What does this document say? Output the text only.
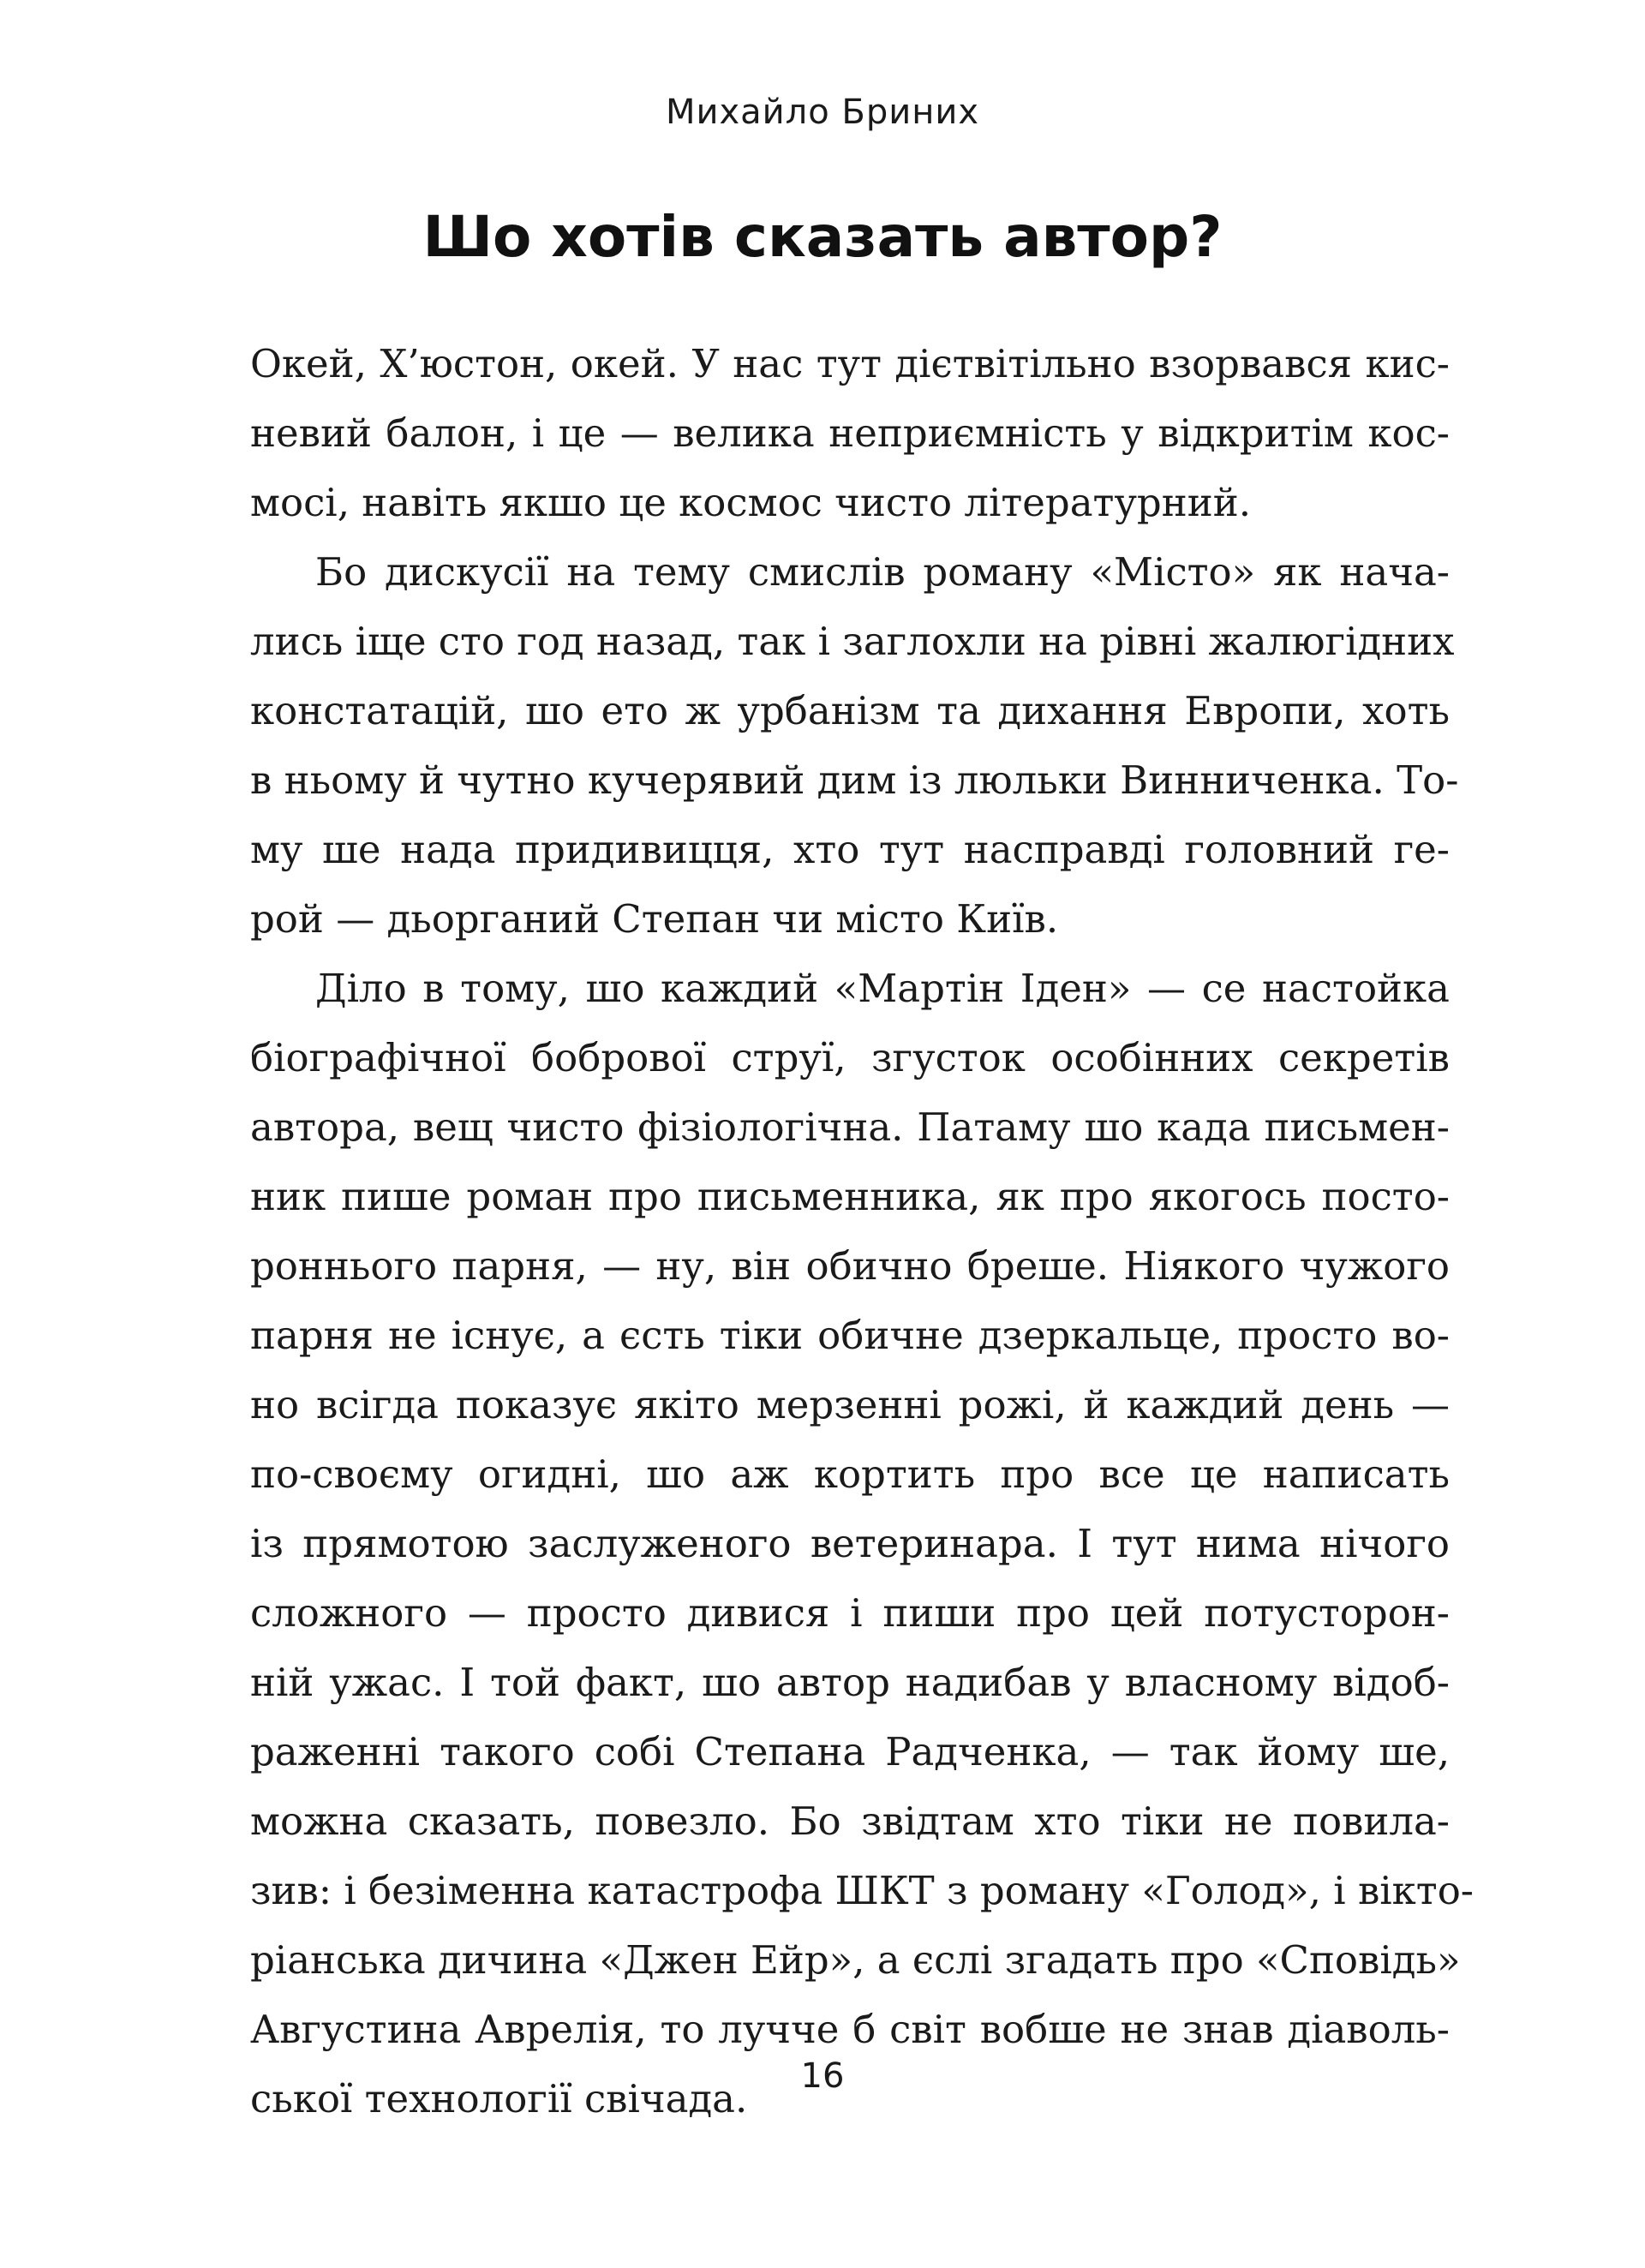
Михайло Бриних
Шо хотів сказать автор?
Окей, Х’юстон, окей. У нас тут дієтвітільно взорвався кис-
невий балон, і це — велика неприємність у відкритім кос-
мосі, навіть якшо це космос чисто літературний.
Бо дискусії на тему смислів роману «Місто» як нача-
лись іще сто год назад, так і заглохли на рівні жалюгідних
констатацій, шо ето ж урбанізм та дихання Европи, хоть
в ньому й чутно кучерявий дим із люльки Винниченка. То-
му ше нада придивицця, хто тут насправді головний ге-
рой — дьорганий Степан чи місто Київ.
Діло в тому, шо каждий «Мартін Іден» — се настойка
біографічної бобрової струї, згусток особінних секретів
автора, вещ чисто фізіологічна. Патаму шо када письмен-
ник пише роман про письменника, як про якогось посто-
роннього парня, — ну, він обично бреше. Ніякого чужого
парня не існує, а єсть тіки обичне дзеркальце, просто во-
но всігда показує якіто мерзенні рожі, й каждий день —
по-своєму огидні, шо аж кортить про все це написать
із прямотою заслуженого ветеринара. І тут нима нічого
сложного — просто дивися і пиши про цей потусторон-
ній ужас. І той факт, шо автор надибав у власному відоб-
раженні такого собі Степана Радченка, — так йому ше,
можна сказать, повезло. Бо звідтам хто тіки не повила-
зив: і безіменна катастрофа ШКТ з роману «Голод», і вікто-
ріанська дичина «Джен Ейр», а єслі згадать про «Сповідь»
Августина Аврелія, то лучче б світ вобше не знав діаволь-
ської технології свічада.	16
